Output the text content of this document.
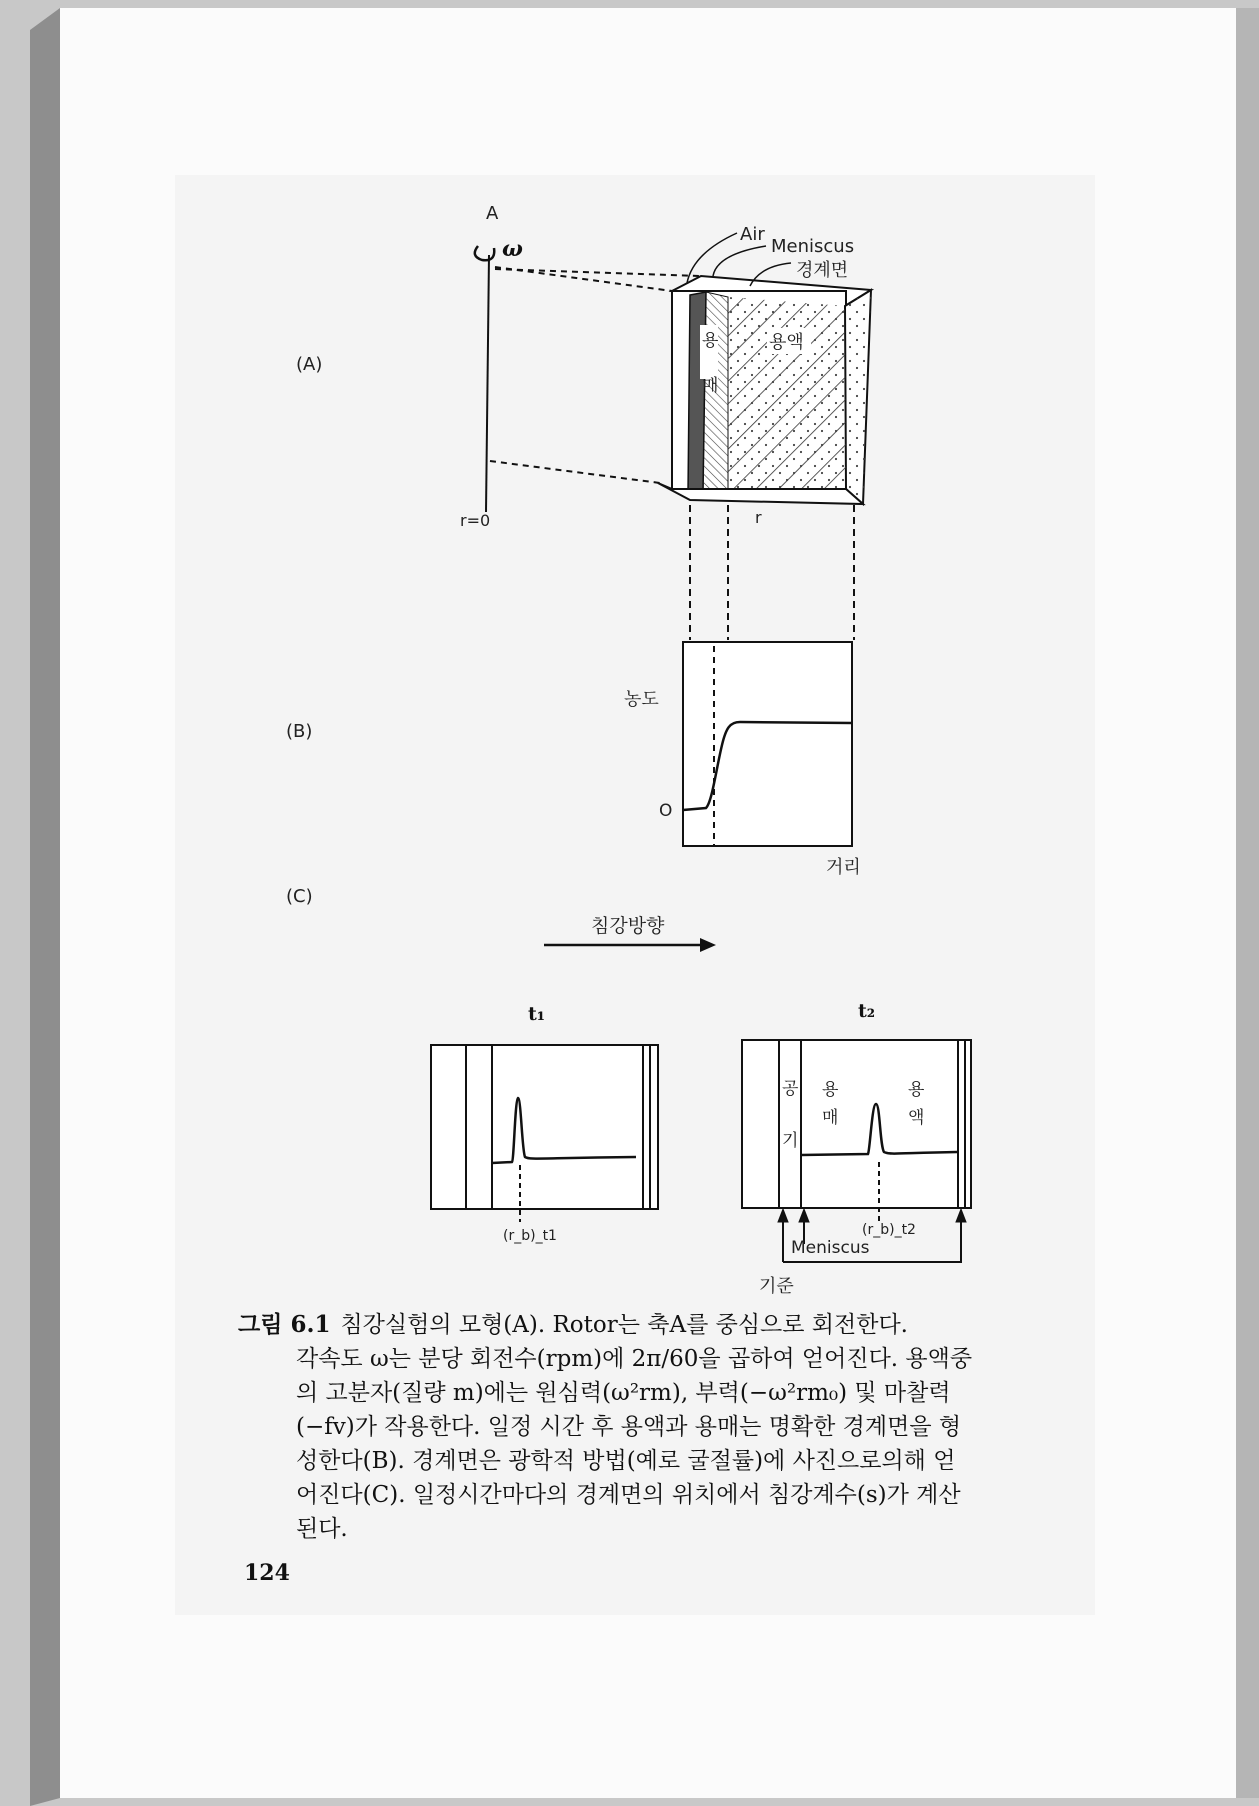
(A)
A
ω
r=0	r
Air
Meniscus
경계면
용 매
용액
농도
(B)
O
거리
(C)
침강방향
t₁	t₂
(r_b)_t1
공 기
용 매
용 액
(r_b)_t2
Meniscus
기준
그림 6.1 침강실험의 모형(A). Rotor는 축A를 중심으로 회전한다.
각속도 ω는 분당 회전수(rpm)에 2π/60을 곱하여 얻어진다. 용액중
의 고분자(질량 m)에는 원심력(ω²rm), 부력(−ω²rm₀) 및 마찰력
(−fv)가 작용한다. 일정 시간 후 용액과 용매는 명확한 경계면을 형
성한다(B). 경계면은 광학적 방법(예로 굴절률)에 사진으로의해 얻
어진다(C). 일정시간마다의 경계면의 위치에서 침강계수(s)가 계산
된다.
124
